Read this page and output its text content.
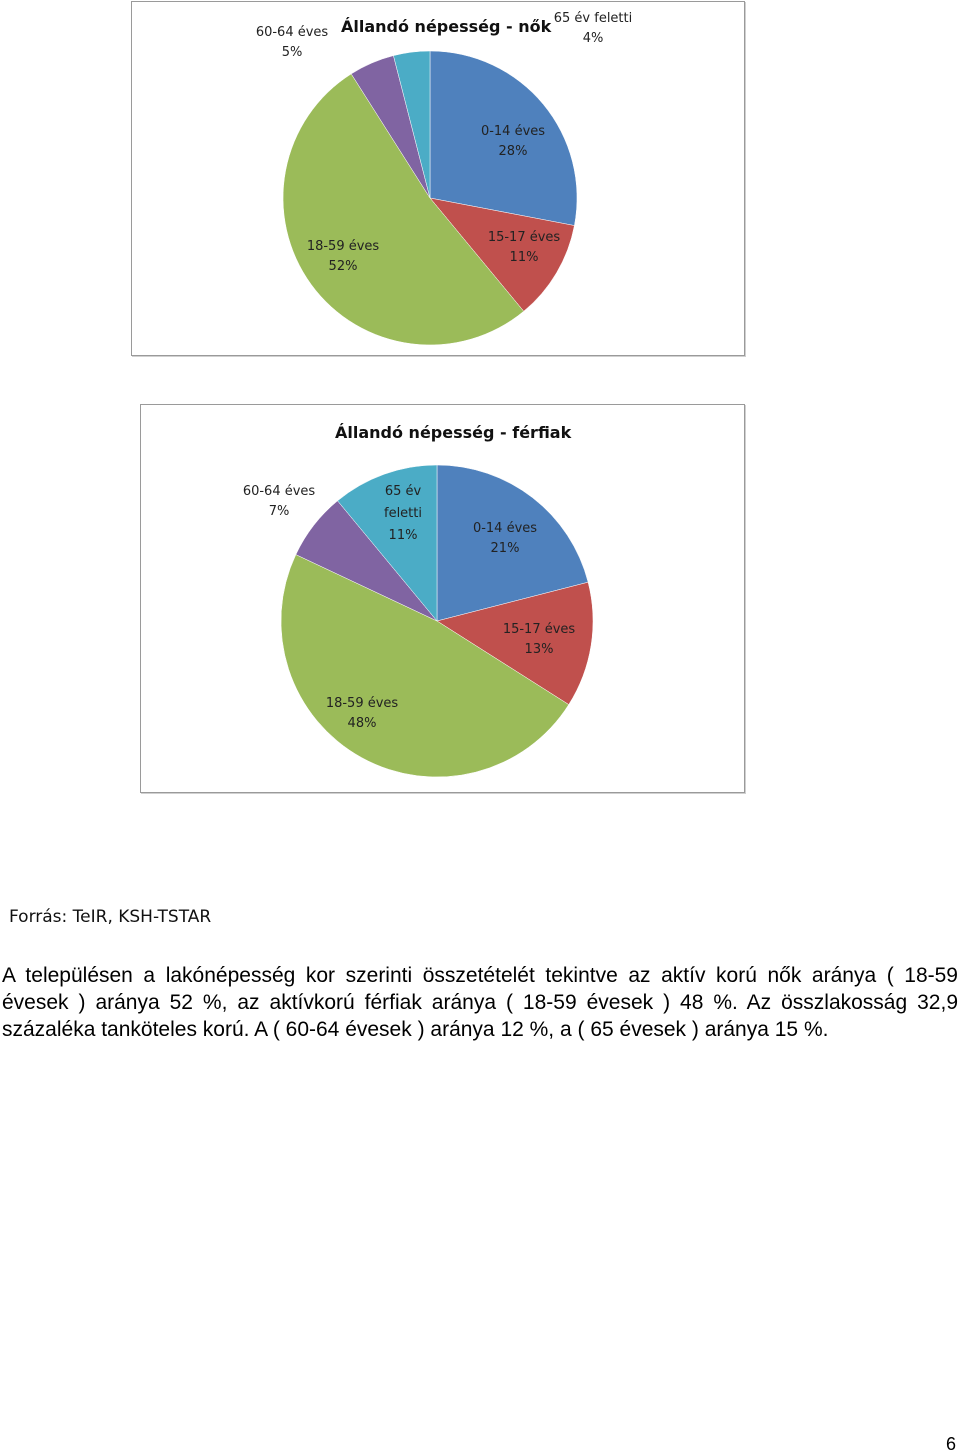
Állandó népesség - nők
0-14 éves
28%
15-17 éves
11%
18-59 éves
52%
60-64 éves
5%
65 év feletti
4%
Állandó népesség - férfiak
0-14 éves
21%
15-17 éves
13%
18-59 éves
48%
60-64 éves
7%
65 év
feletti
11%
Forrás: TeIR, KSH-TSTAR

A településen a lakónépesség kor szerinti összetételét tekintve az aktív korú nők aránya ( 18-59 évesek ) aránya 52 %, az aktívkorú férfiak aránya ( 18-59 évesek ) 48 %. Az összlakosság 32,9 százaléka tanköteles korú. A ( 60-64 évesek ) aránya 12 %, a ( 65 évesek ) aránya 15 %.

6
